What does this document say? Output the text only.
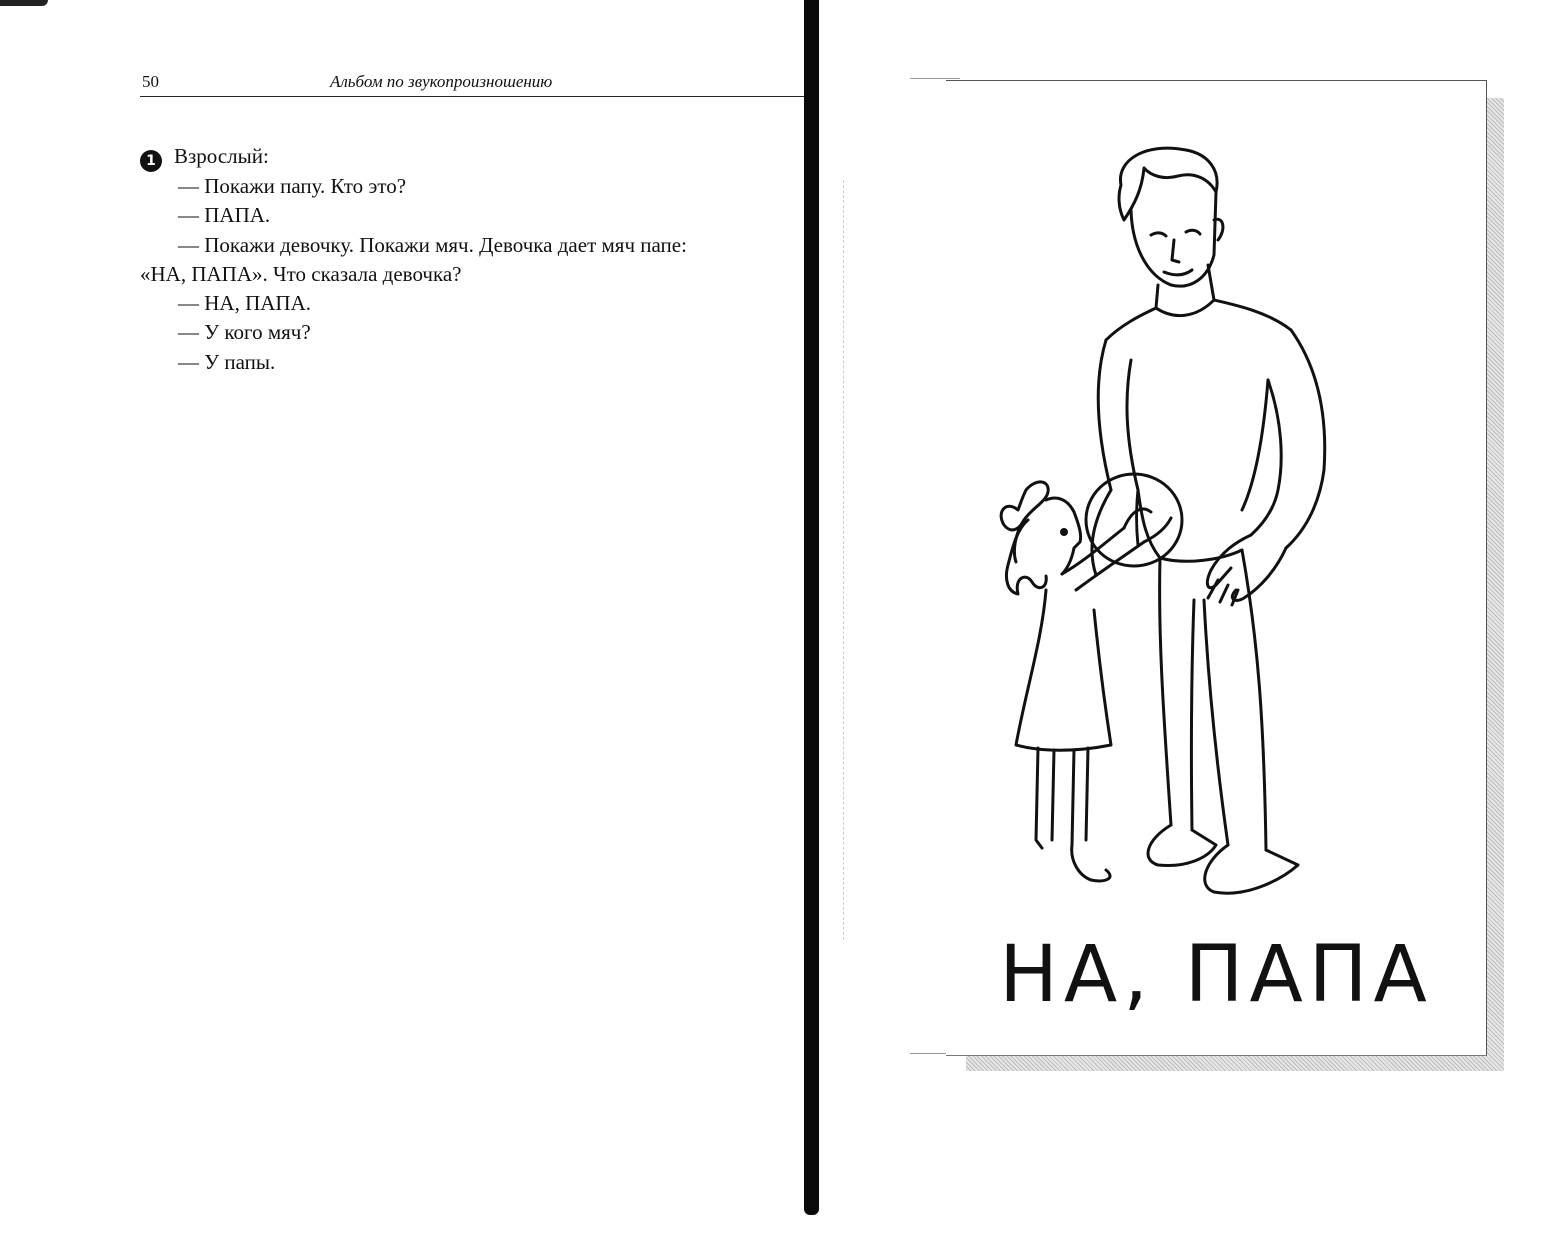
50	Альбом по звукопроизношению
1 Взрослый:
— Покажи папу. Кто это?
— ПАПА.
— Покажи девочку. Покажи мяч. Девочка дает мяч папе:
«НА, ПАПА». Что сказала девочка?
— НА, ПАПА.
— У кого мяч?
— У папы.
НА, ПАПА
